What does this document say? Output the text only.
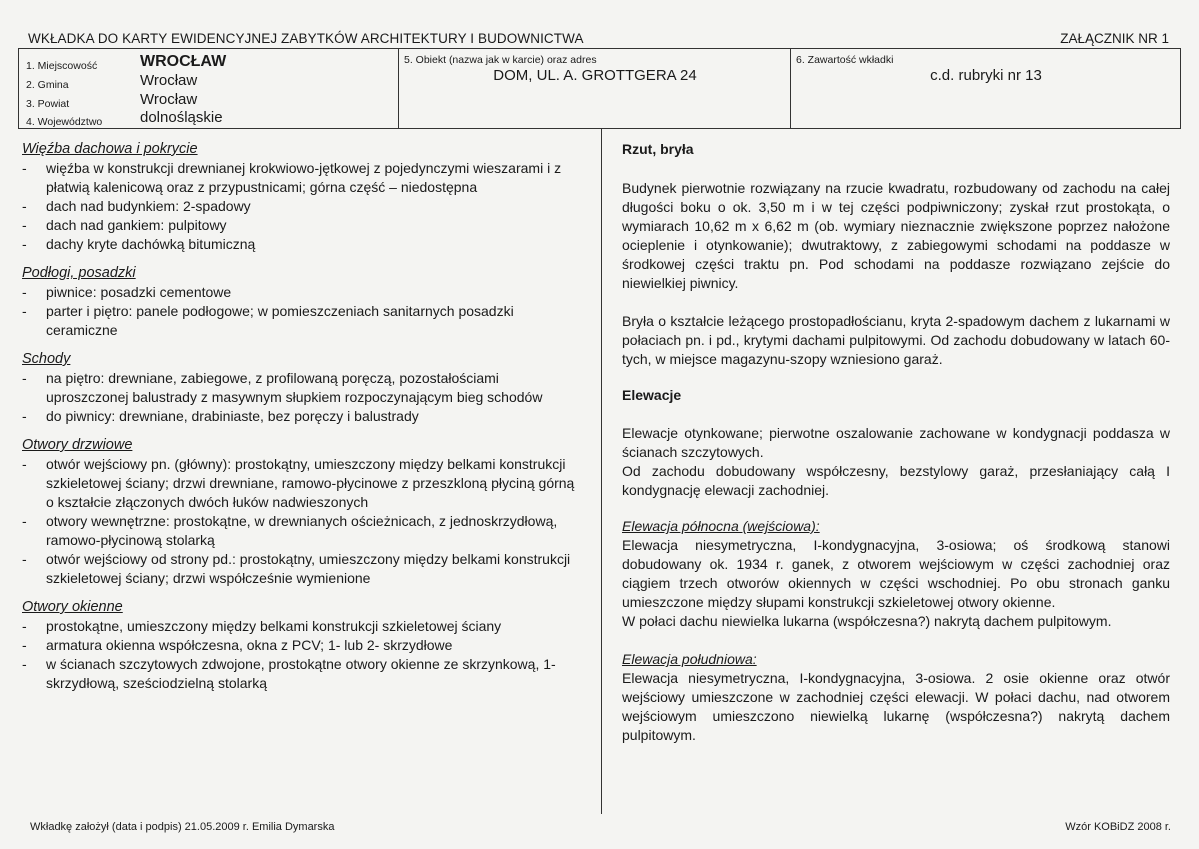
WKŁADKA DO KARTY EWIDENCYJNEJ ZABYTKÓW ARCHITEKTURY I BUDOWNICTWA	ZAŁĄCZNIK NR 1
1. Miejscowość	WROCŁAW
2. Gmina	Wrocław
3. Powiat	Wrocław
4. Województwo	dolnośląskie
5. Obiekt (nazwa jak w karcie) oraz adres
DOM, UL. A. GROTTGERA 24
6. Zawartość wkładki
c.d. rubryki nr 13

Więźba dachowa i pokrycie

- więźba w konstrukcji drewnianej krokwiowo-jętkowej z pojedynczymi wieszarami i z płatwią kalenicową oraz z przypustnicami; górna część – niedostępna
- dach nad budynkiem: 2-spadowy
- dach nad gankiem: pulpitowy
- dachy kryte dachówką bitumiczną

Podłogi, posadzki

- piwnice: posadzki cementowe
- parter i piętro: panele podłogowe; w pomieszczeniach sanitarnych posadzki ceramiczne

Schody

- na piętro: drewniane, zabiegowe, z profilowaną poręczą, pozostałościami uproszczonej balustrady z masywnym słupkiem rozpoczynającym bieg schodów
- do piwnicy: drewniane, drabiniaste, bez poręczy i balustrady

Otwory drzwiowe

- otwór wejściowy pn. (główny): prostokątny, umieszczony między belkami konstrukcji szkieletowej ściany; drzwi drewniane, ramowo-płycinowe z przeszkloną płyciną górną o kształcie złączonych dwóch łuków nadwieszonych
- otwory wewnętrzne: prostokątne, w drewnianych ościeżnicach, z jednoskrzydłową, ramowo-płycinową stolarką
- otwór wejściowy od strony pd.: prostokątny, umieszczony między belkami konstrukcji szkieletowej ściany; drzwi współcześnie wymienione

Otwory okienne

- prostokątne, umieszczony między belkami konstrukcji szkieletowej ściany
- armatura okienna współczesna, okna z PCV; 1- lub 2- skrzydłowe
- w ścianach szczytowych zdwojone, prostokątne otwory okienne ze skrzynkową, 1- skrzydłową, sześciodzielną stolarką

Rzut, bryła

Budynek pierwotnie rozwiązany na rzucie kwadratu, rozbudowany od zachodu na całej długości boku o ok. 3,50 m i w tej części podpiwniczony; zyskał rzut prostokąta, o wymiarach 10,62 m x 6,62 m (ob. wymiary nieznacznie zwiększone poprzez nałożone ocieplenie i otynkowanie); dwutraktowy, z zabiegowymi schodami na poddasze w środkowej części traktu pn. Pod schodami na poddasze rozwiązano zejście do niewielkiej piwnicy.

Bryła o kształcie leżącego prostopadłościanu, kryta 2-spadowym dachem z lukarnami w połaciach pn. i pd., krytymi dachami pulpitowymi. Od zachodu dobudowany w latach 60-tych, w miejsce magazynu-szopy wzniesiono garaż.

Elewacje

Elewacje otynkowane; pierwotne oszalowanie zachowane w kondygnacji poddasza w ścianach szczytowych.

Od zachodu dobudowany współczesny, bezstylowy garaż, przesłaniający całą I kondygnację elewacji zachodniej.

Elewacja północna (wejściowa):

Elewacja niesymetryczna, I-kondygnacyjna, 3-osiowa; oś środkową stanowi dobudowany ok. 1934 r. ganek, z otworem wejściowym w części zachodniej oraz ciągiem trzech otworów okiennych w części wschodniej. Po obu stronach ganku umieszczone między słupami konstrukcji szkieletowej otwory okienne.

W połaci dachu niewielka lukarna (współczesna?) nakrytą dachem pulpitowym.

Elewacja południowa:

Elewacja niesymetryczna, I-kondygnacyjna, 3-osiowa. 2 osie okienne oraz otwór wejściowy umieszczone w zachodniej części elewacji. W połaci dachu, nad otworem wejściowym umieszczono niewielką lukarnę (współczesna?) nakrytą dachem pulpitowym.

Wkładkę założył (data i podpis) 21.05.2009 r. Emilia Dymarska	Wzór KOBiDZ 2008 r.
